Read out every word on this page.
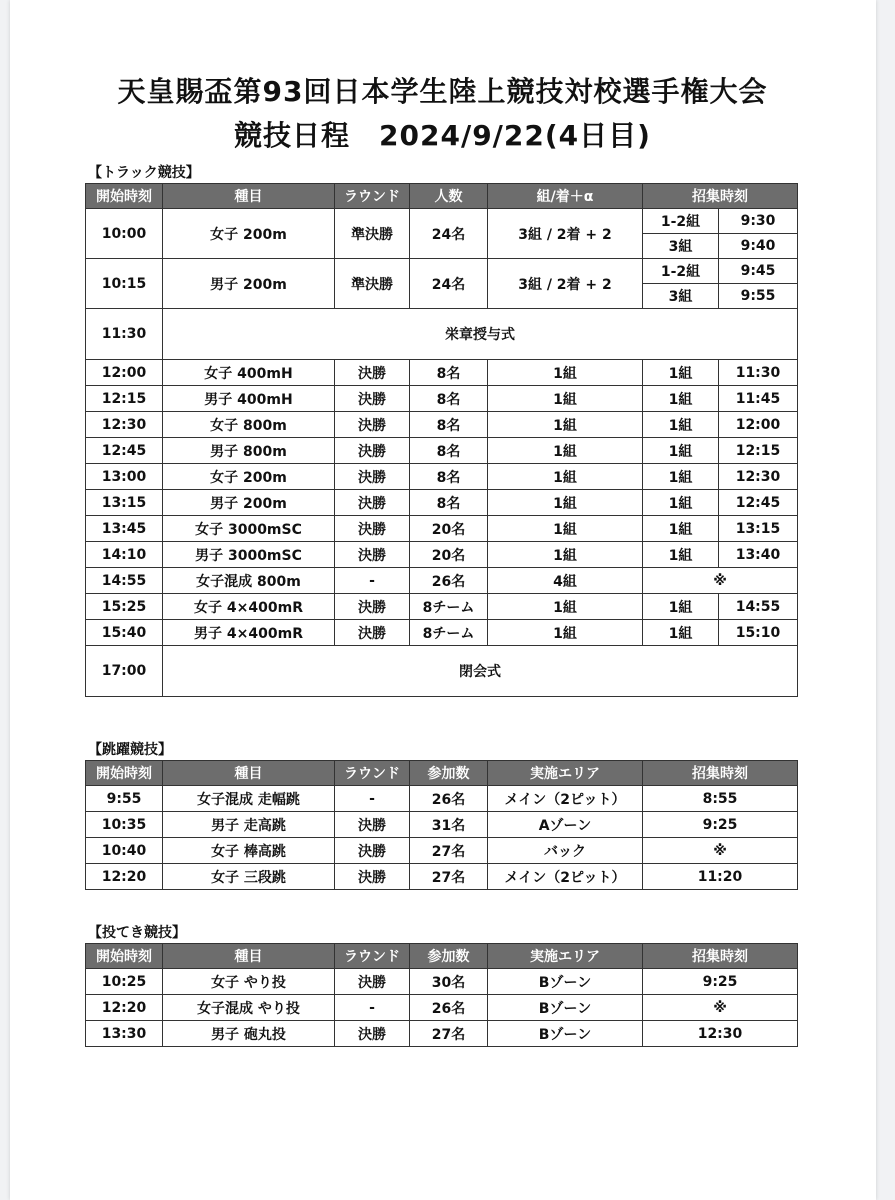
天皇賜盃第93回日本学生陸上競技対校選手権大会
競技日程　2024/9/22(4日目)
【トラック競技】
開始時刻	種目	ラウンド	人数	組/着＋α	招集時刻	
10:00	女子 200m	準決勝	24名	3組 / 2着 + 2	1-2組	9:30
					3組	9:40
10:15	男子 200m	準決勝	24名	3組 / 2着 + 2	1-2組	9:45
					3組	9:55
11:30	栄章授与式					
12:00	女子 400mH	決勝	8名	1組	1組	11:30
12:15	男子 400mH	決勝	8名	1組	1組	11:45
12:30	女子 800m	決勝	8名	1組	1組	12:00
12:45	男子 800m	決勝	8名	1組	1組	12:15
13:00	女子 200m	決勝	8名	1組	1組	12:30
13:15	男子 200m	決勝	8名	1組	1組	12:45
13:45	女子 3000mSC	決勝	20名	1組	1組	13:15
14:10	男子 3000mSC	決勝	20名	1組	1組	13:40
14:55	女子混成 800m	-	26名	4組	※	
15:25	女子 4×400mR	決勝	8チーム	1組	1組	14:55
15:40	男子 4×400mR	決勝	8チーム	1組	1組	15:10
17:00	閉会式					
【跳躍競技】
開始時刻	種目	ラウンド	参加数	実施エリア	招集時刻
9:55	女子混成 走幅跳	-	26名	メイン（2ピット）	8:55
10:35	男子 走高跳	決勝	31名	Aゾーン	9:25
10:40	女子 棒高跳	決勝	27名	バック	※
12:20	女子 三段跳	決勝	27名	メイン（2ピット）	11:20
【投てき競技】
開始時刻	種目	ラウンド	参加数	実施エリア	招集時刻
10:25	女子 やり投	決勝	30名	Bゾーン	9:25
12:20	女子混成 やり投	-	26名	Bゾーン	※
13:30	男子 砲丸投	決勝	27名	Bゾーン	12:30
